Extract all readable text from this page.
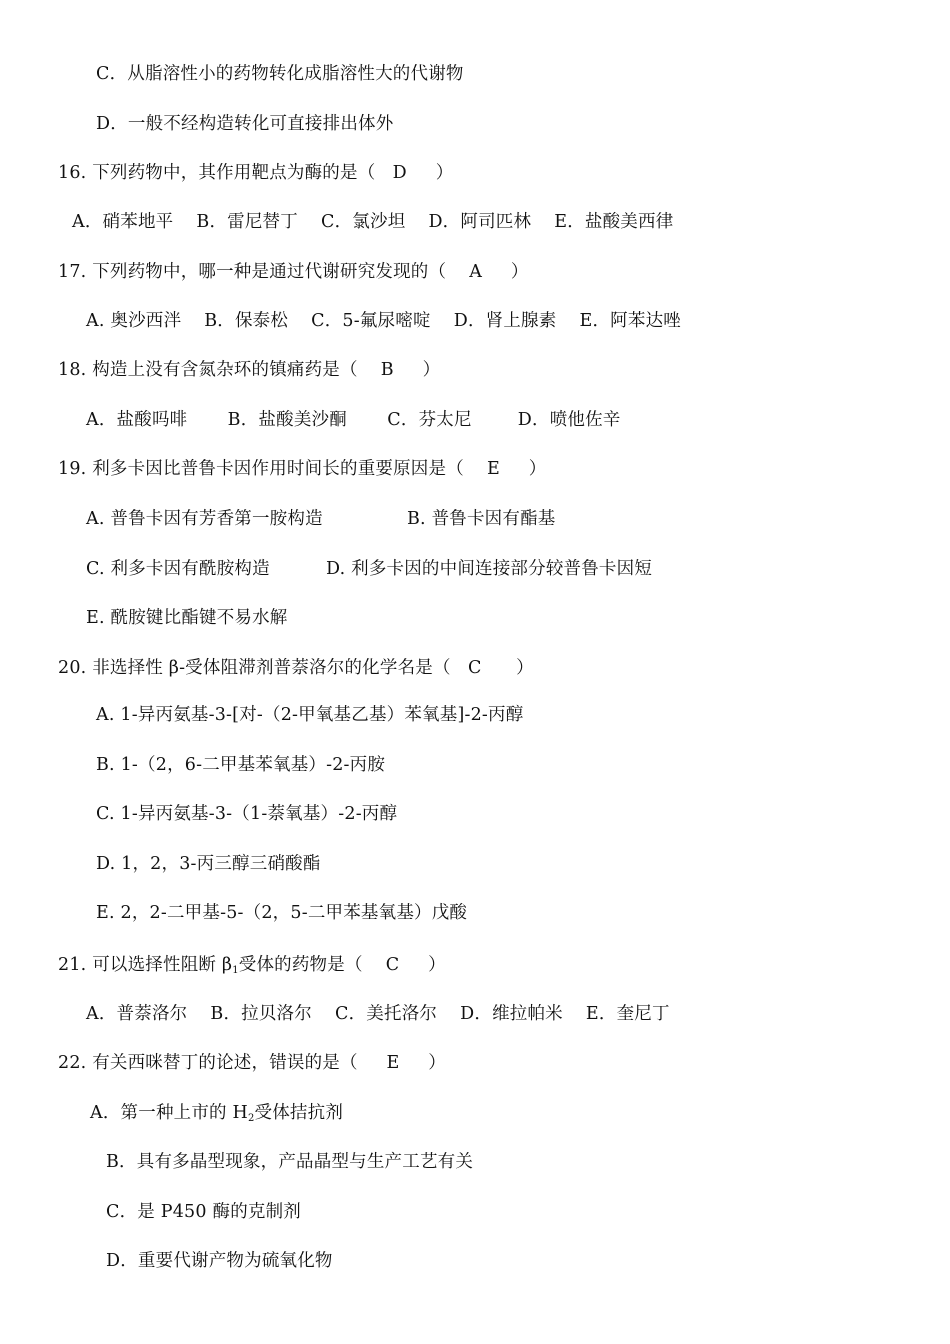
C．从脂溶性小的药物转化成脂溶性大的代谢物
D．一般不经构造转化可直接排出体外
16. 下列药物中，其作用靶点为酶的是（   D     ）
A．硝苯地平    B．雷尼替丁    C．氯沙坦    D．阿司匹林    E．盐酸美西律
17. 下列药物中，哪一种是通过代谢研究发现的（    A     ）
A. 奥沙西泮    B．保泰松    C．5-氟尿嘧啶    D．肾上腺素    E．阿苯达唑
18. 构造上没有含氮杂环的镇痛药是（    B     ）
A．盐酸吗啡       B．盐酸美沙酮       C．芬太尼        D．喷他佐辛
19. 利多卡因比普鲁卡因作用时间长的重要原因是（    E     ）
A. 普鲁卡因有芳香第一胺构造	B. 普鲁卡因有酯基
C. 利多卡因有酰胺构造	D. 利多卡因的中间连接部分较普鲁卡因短
E. 酰胺键比酯键不易水解
20. 非选择性 β-受体阻滞剂普萘洛尔的化学名是（   C      ）
A. 1-异丙氨基-3-[对-（2-甲氧基乙基）苯氧基]-2-丙醇
B. 1-（2，6-二甲基苯氧基）-2-丙胺
C. 1-异丙氨基-3-（1-萘氧基）-2-丙醇
D. 1，2，3-丙三醇三硝酸酯
E. 2，2-二甲基-5-（2，5-二甲苯基氧基）戊酸
21. 可以选择性阻断 $\beta_1$受体的药物是（    C     ）
A．普萘洛尔    B．拉贝洛尔    C．美托洛尔    D．维拉帕米    E．奎尼丁
22. 有关西咪替丁的论述，错误的是（     E     ）
A．第一种上市的 $H_2$受体拮抗剂
B．具有多晶型现象，产品晶型与生产工艺有关
C．是 P450 酶的克制剂
D．重要代谢产物为硫氧化物
